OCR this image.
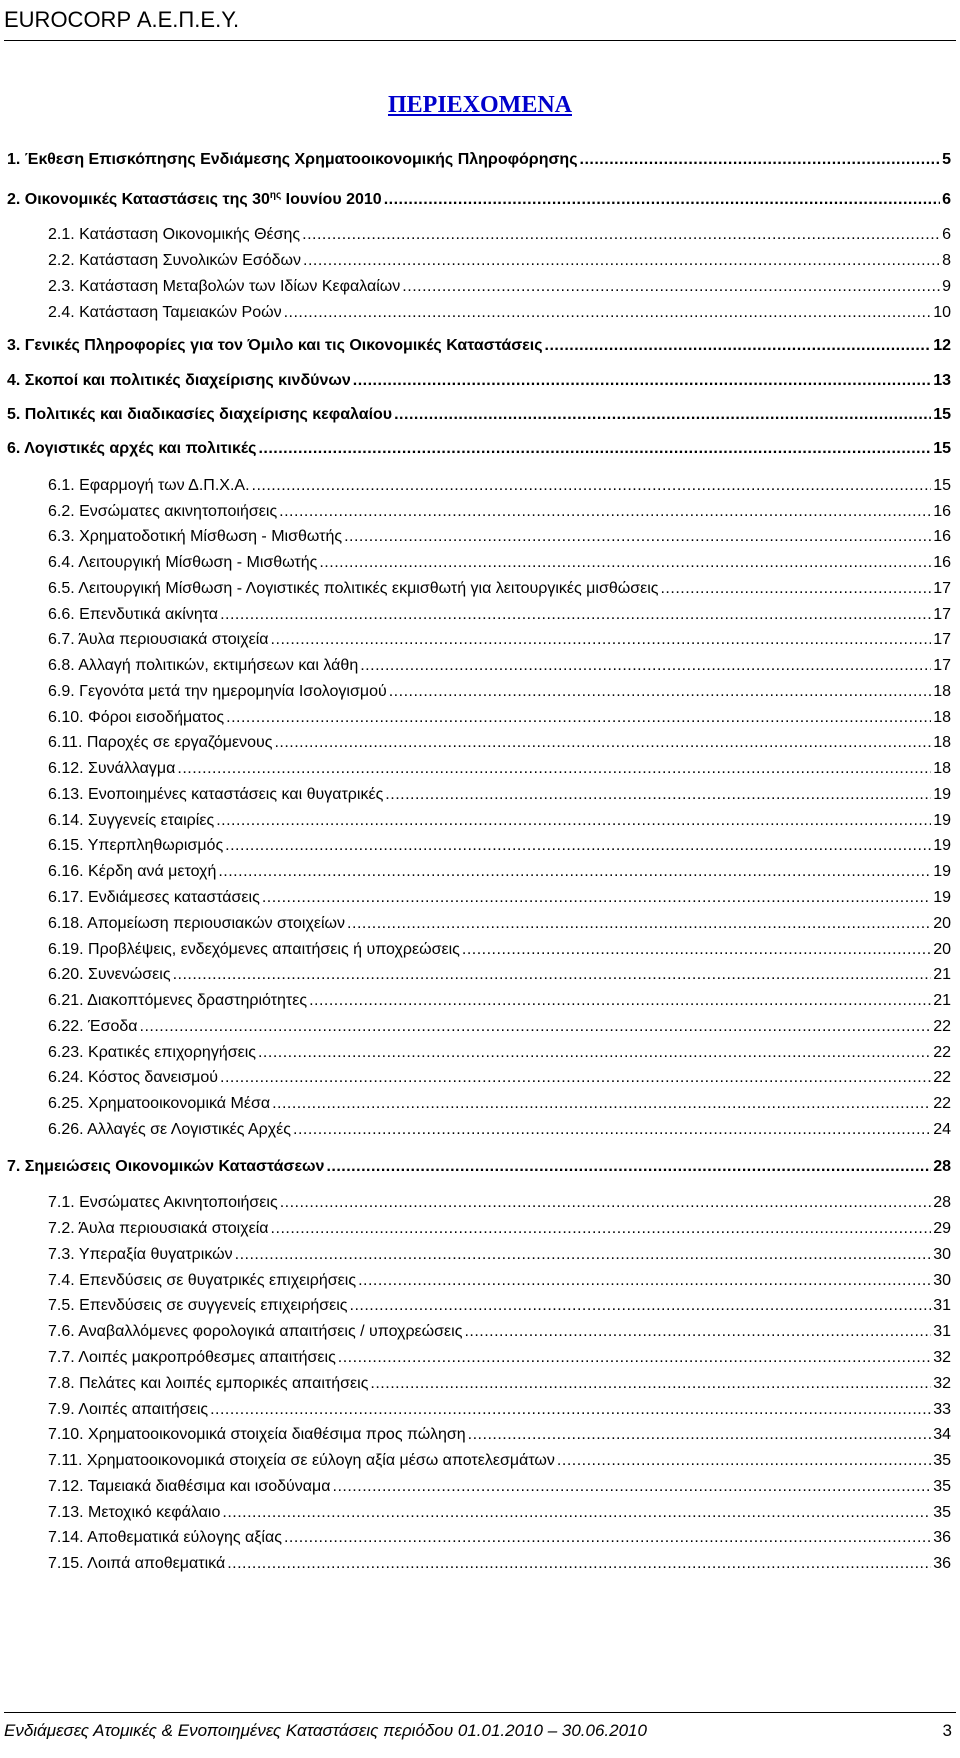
EUROCORP Α.Ε.Π.Ε.Υ.
ΠΕΡΙΕΧΟΜΕΝΑ
1. Έκθεση Επισκόπησης Ενδιάμεσης Χρηματοοικονομικής Πληροφόρησης .....	5
2. Οικονομικές Καταστάσεις της $30^{\eta\varsigma}$ Ιουνίου 2010 .....	6
2.1. Κατάσταση Οικονομικής Θέσης .....	6
2.2. Κατάσταση Συνολικών Εσόδων .....	8
2.3. Κατάσταση Μεταβολών των Ιδίων Κεφαλαίων .....	9
2.4. Κατάσταση Ταμειακών Ροών .....	10
3. Γενικές Πληροφορίες για τον Όμιλο και τις Οικονομικές Καταστάσεις .....	12
4. Σκοποί και πολιτικές διαχείρισης κινδύνων .....	13
5. Πολιτικές και διαδικασίες διαχείρισης κεφαλαίου .....	15
6. Λογιστικές αρχές και πολιτικές .....	15
6.1. Εφαρμογή των Δ.Π.Χ.Α. .....	15
6.2. Ενσώματες ακινητοποιήσεις .....	16
6.3. Χρηματοδοτική Μίσθωση - Μισθωτής .....	16
6.4. Λειτουργική Μίσθωση - Μισθωτής .....	16
6.5. Λειτουργική Μίσθωση - Λογιστικές πολιτικές εκμισθωτή για λειτουργικές μισθώσεις .....	17
6.6. Επενδυτικά ακίνητα .....	17
6.7. Άυλα περιουσιακά στοιχεία .....	17
6.8. Αλλαγή πολιτικών, εκτιμήσεων και λάθη .....	17
6.9. Γεγονότα μετά την ημερομηνία Ισολογισμού .....	18
6.10. Φόροι εισοδήματος .....	18
6.11. Παροχές σε εργαζόμενους .....	18
6.12. Συνάλλαγμα .....	18
6.13. Ενοποιημένες καταστάσεις και θυγατρικές .....	19
6.14. Συγγενείς εταιρίες .....	19
6.15. Υπερπληθωρισμός .....	19
6.16. Κέρδη ανά μετοχή .....	19
6.17. Ενδιάμεσες καταστάσεις .....	19
6.18. Απομείωση περιουσιακών στοιχείων .....	20
6.19. Προβλέψεις, ενδεχόμενες απαιτήσεις ή υποχρεώσεις .....	20
6.20. Συνενώσεις .....	21
6.21. Διακοπτόμενες δραστηριότητες .....	21
6.22. Έσοδα .....	22
6.23. Κρατικές επιχορηγήσεις .....	22
6.24. Κόστος δανεισμού .....	22
6.25. Χρηματοοικονομικά Μέσα .....	22
6.26. Αλλαγές σε Λογιστικές Αρχές .....	24
7. Σημειώσεις Οικονομικών Καταστάσεων .....	28
7.1. Ενσώματες Ακινητοποιήσεις .....	28
7.2. Άυλα περιουσιακά στοιχεία .....	29
7.3. Υπεραξία θυγατρικών .....	30
7.4. Επενδύσεις σε θυγατρικές επιχειρήσεις .....	30
7.5. Επενδύσεις σε συγγενείς επιχειρήσεις .....	31
7.6. Αναβαλλόμενες φορολογικά απαιτήσεις / υποχρεώσεις .....	31
7.7. Λοιπές μακροπρόθεσμες απαιτήσεις .....	32
7.8. Πελάτες και λοιπές εμπορικές απαιτήσεις .....	32
7.9. Λοιπές απαιτήσεις .....	33
7.10. Χρηματοοικονομικά στοιχεία διαθέσιμα προς πώληση .....	34
7.11. Χρηματοοικονομικά στοιχεία σε εύλογη αξία μέσω αποτελεσμάτων .....	35
7.12. Ταμειακά διαθέσιμα και ισοδύναμα .....	35
7.13. Μετοχικό κεφάλαιο .....	35
7.14. Αποθεματικά εύλογης αξίας .....	36
7.15. Λοιπά αποθεματικά .....	36
Ενδιάμεσες Ατομικές & Ενοποιημένες Καταστάσεις περιόδου 01.01.2010 – 30.06.2010	3
